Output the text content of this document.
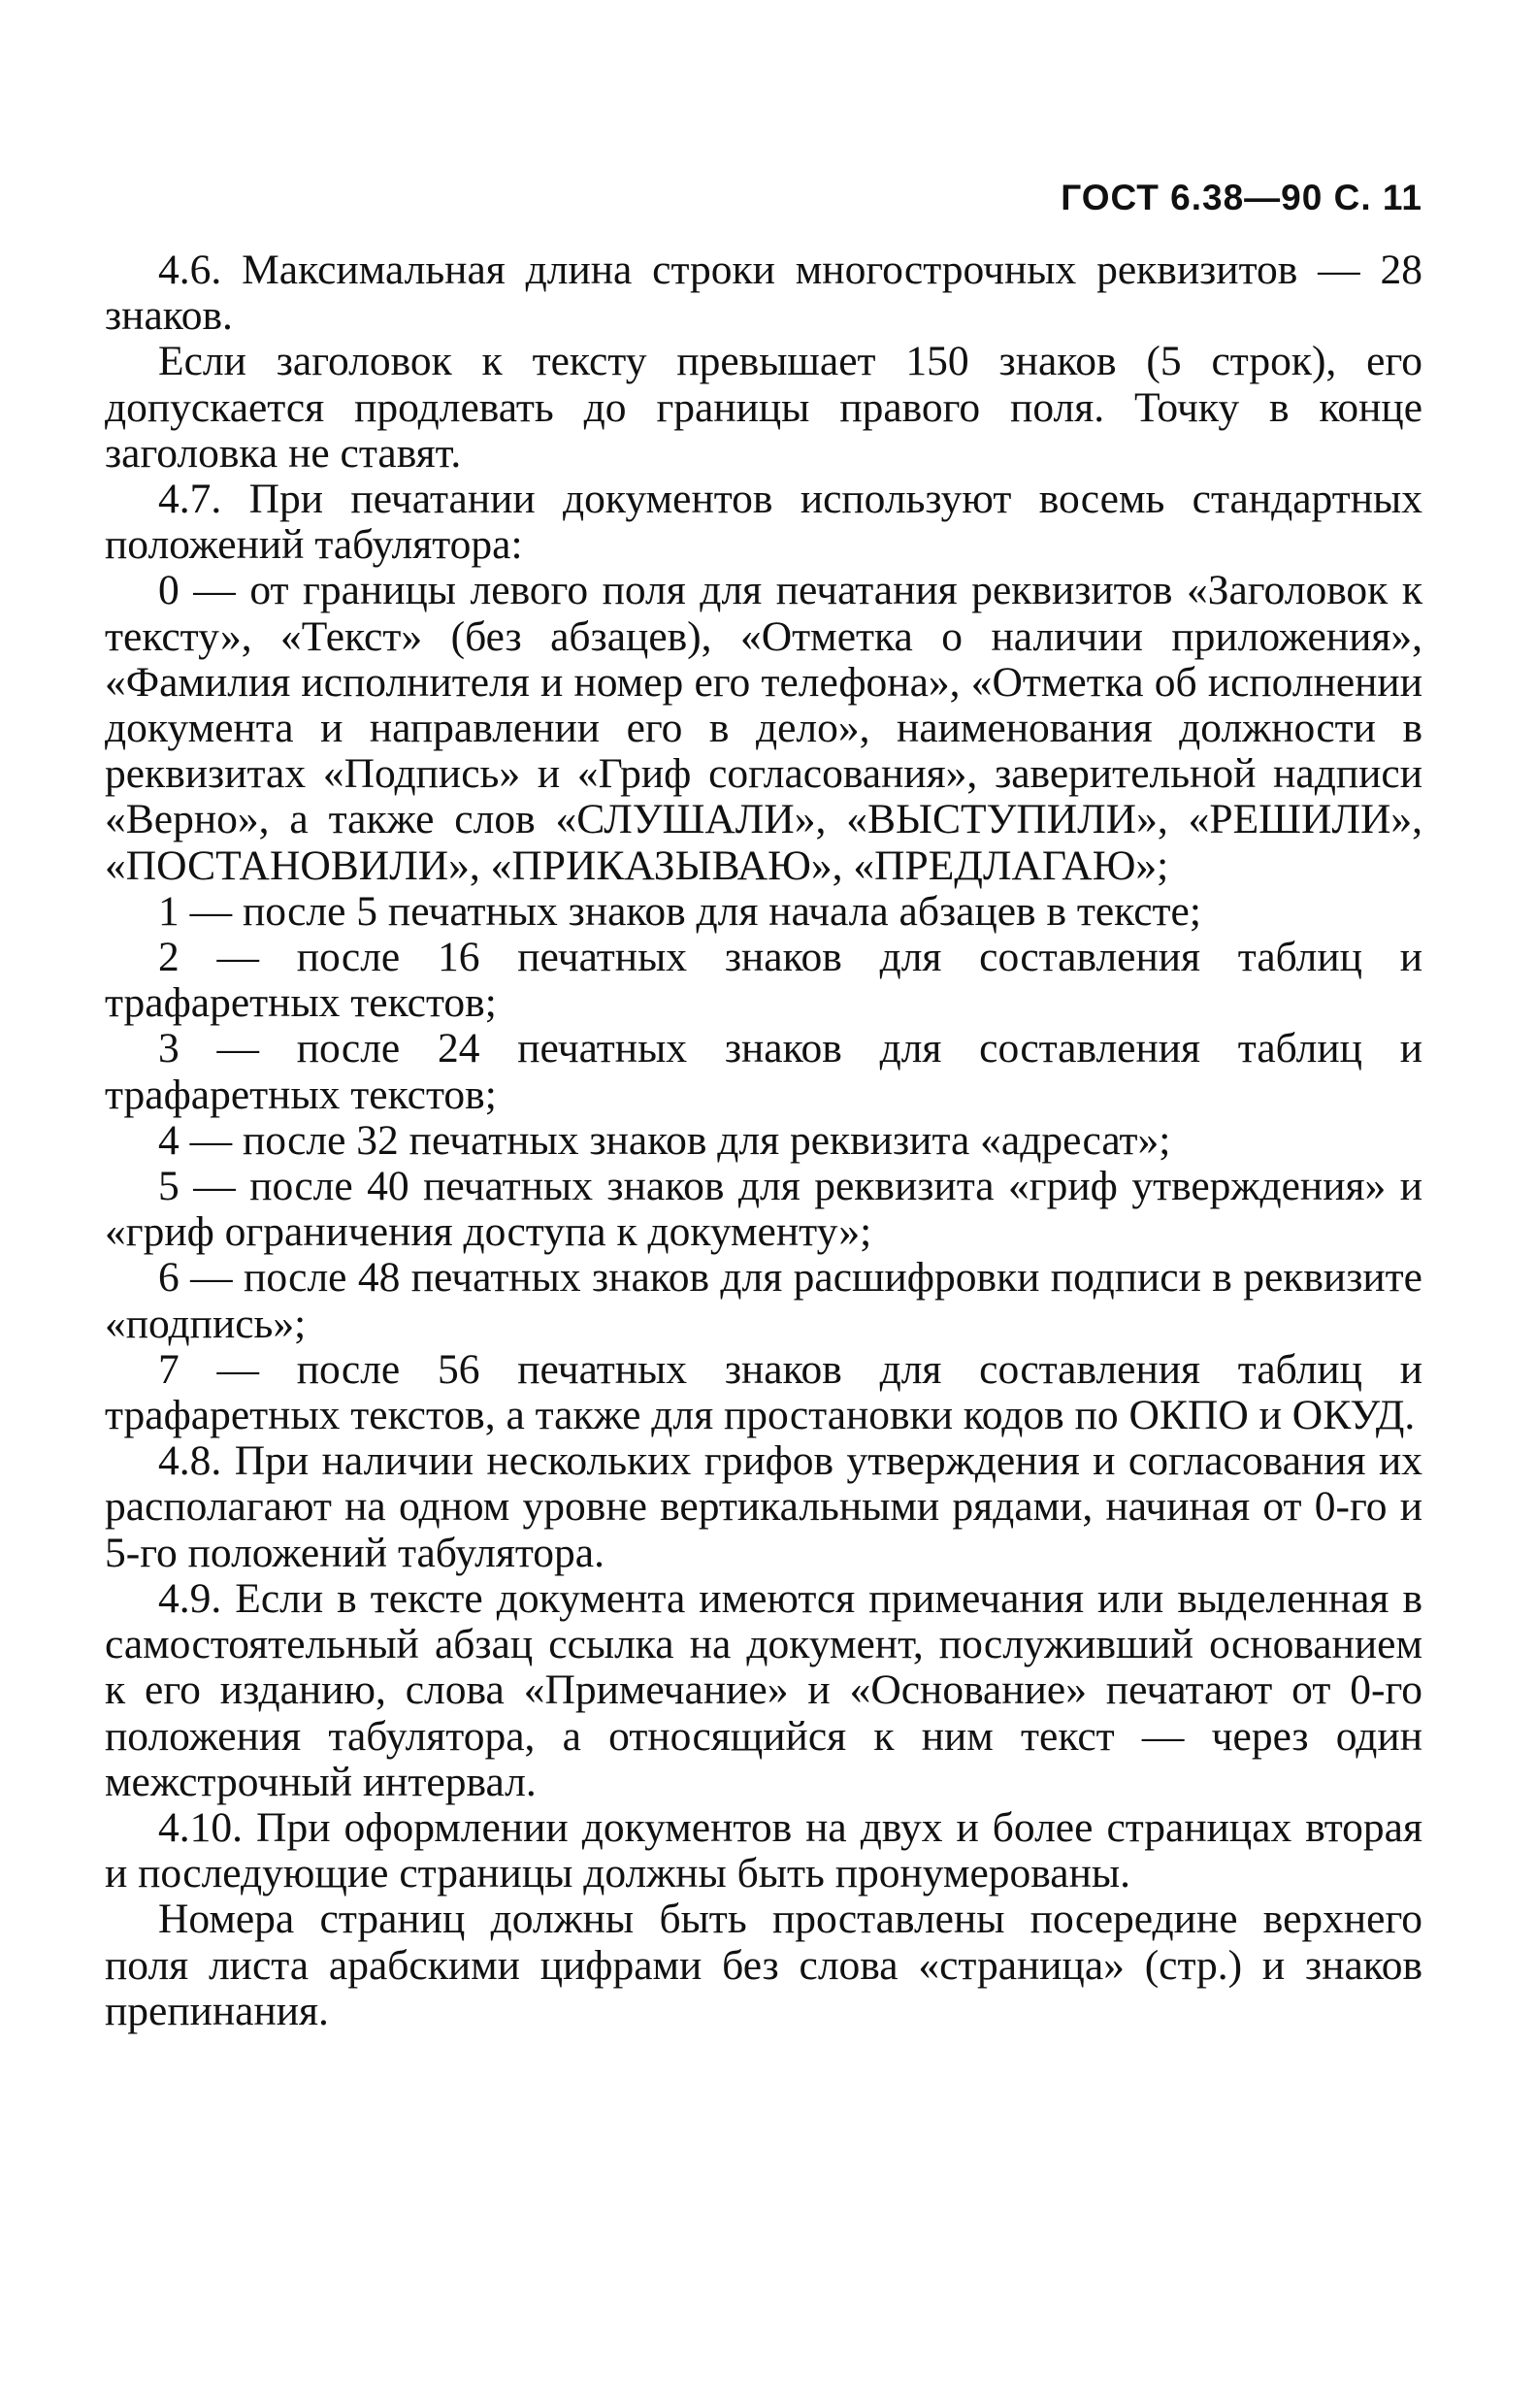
ГОСТ 6.38—90 С. 11

4.6. Максимальная длина строки многострочных реквизитов — 28 знаков.

Если заголовок к тексту превышает 150 знаков (5 строк), его допускается продлевать до границы правого поля. Точку в конце заголовка не ставят.

4.7. При печатании документов используют восемь стандартных положений табулятора:

0 — от границы левого поля для печатания реквизитов «Заголовок к тексту», «Текст» (без абзацев), «Отметка о наличии приложения», «Фамилия исполнителя и номер его телефона», «Отметка об исполнении документа и направлении его в дело», наименования должности в реквизитах «Подпись» и «Гриф согласования», заверительной надписи «Верно», а также слов «СЛУШАЛИ», «ВЫСТУПИЛИ», «РЕШИЛИ», «ПОСТАНОВИЛИ», «ПРИКАЗЫВАЮ», «ПРЕДЛАГАЮ»;

1 — после 5 печатных знаков для начала абзацев в тексте;

2 — после 16 печатных знаков для составления таблиц и трафаретных текстов;

3 — после 24 печатных знаков для составления таблиц и трафаретных текстов;

4 — после 32 печатных знаков для реквизита «адресат»;

5 — после 40 печатных знаков для реквизита «гриф утверждения» и «гриф ограничения доступа к документу»;

6 — после 48 печатных знаков для расшифровки подписи в реквизите «подпись»;

7 — после 56 печатных знаков для составления таблиц и трафаретных текстов, а также для простановки кодов по ОКПО и ОКУД.

4.8. При наличии нескольких грифов утверждения и согласования их располагают на одном уровне вертикальными рядами, начиная от 0-го и 5-го положений табулятора.

4.9. Если в тексте документа имеются примечания или выделенная в самостоятельный абзац ссылка на документ, послуживший основанием к его изданию, слова «Примечание» и «Основание» печатают от 0-го положения табулятора, а относящийся к ним текст — через один межстрочный интервал.

4.10. При оформлении документов на двух и более страницах вторая и последующие страницы должны быть пронумерованы.

Номера страниц должны быть проставлены посередине верхнего поля листа арабскими цифрами без слова «страница» (стр.) и знаков препинания.
